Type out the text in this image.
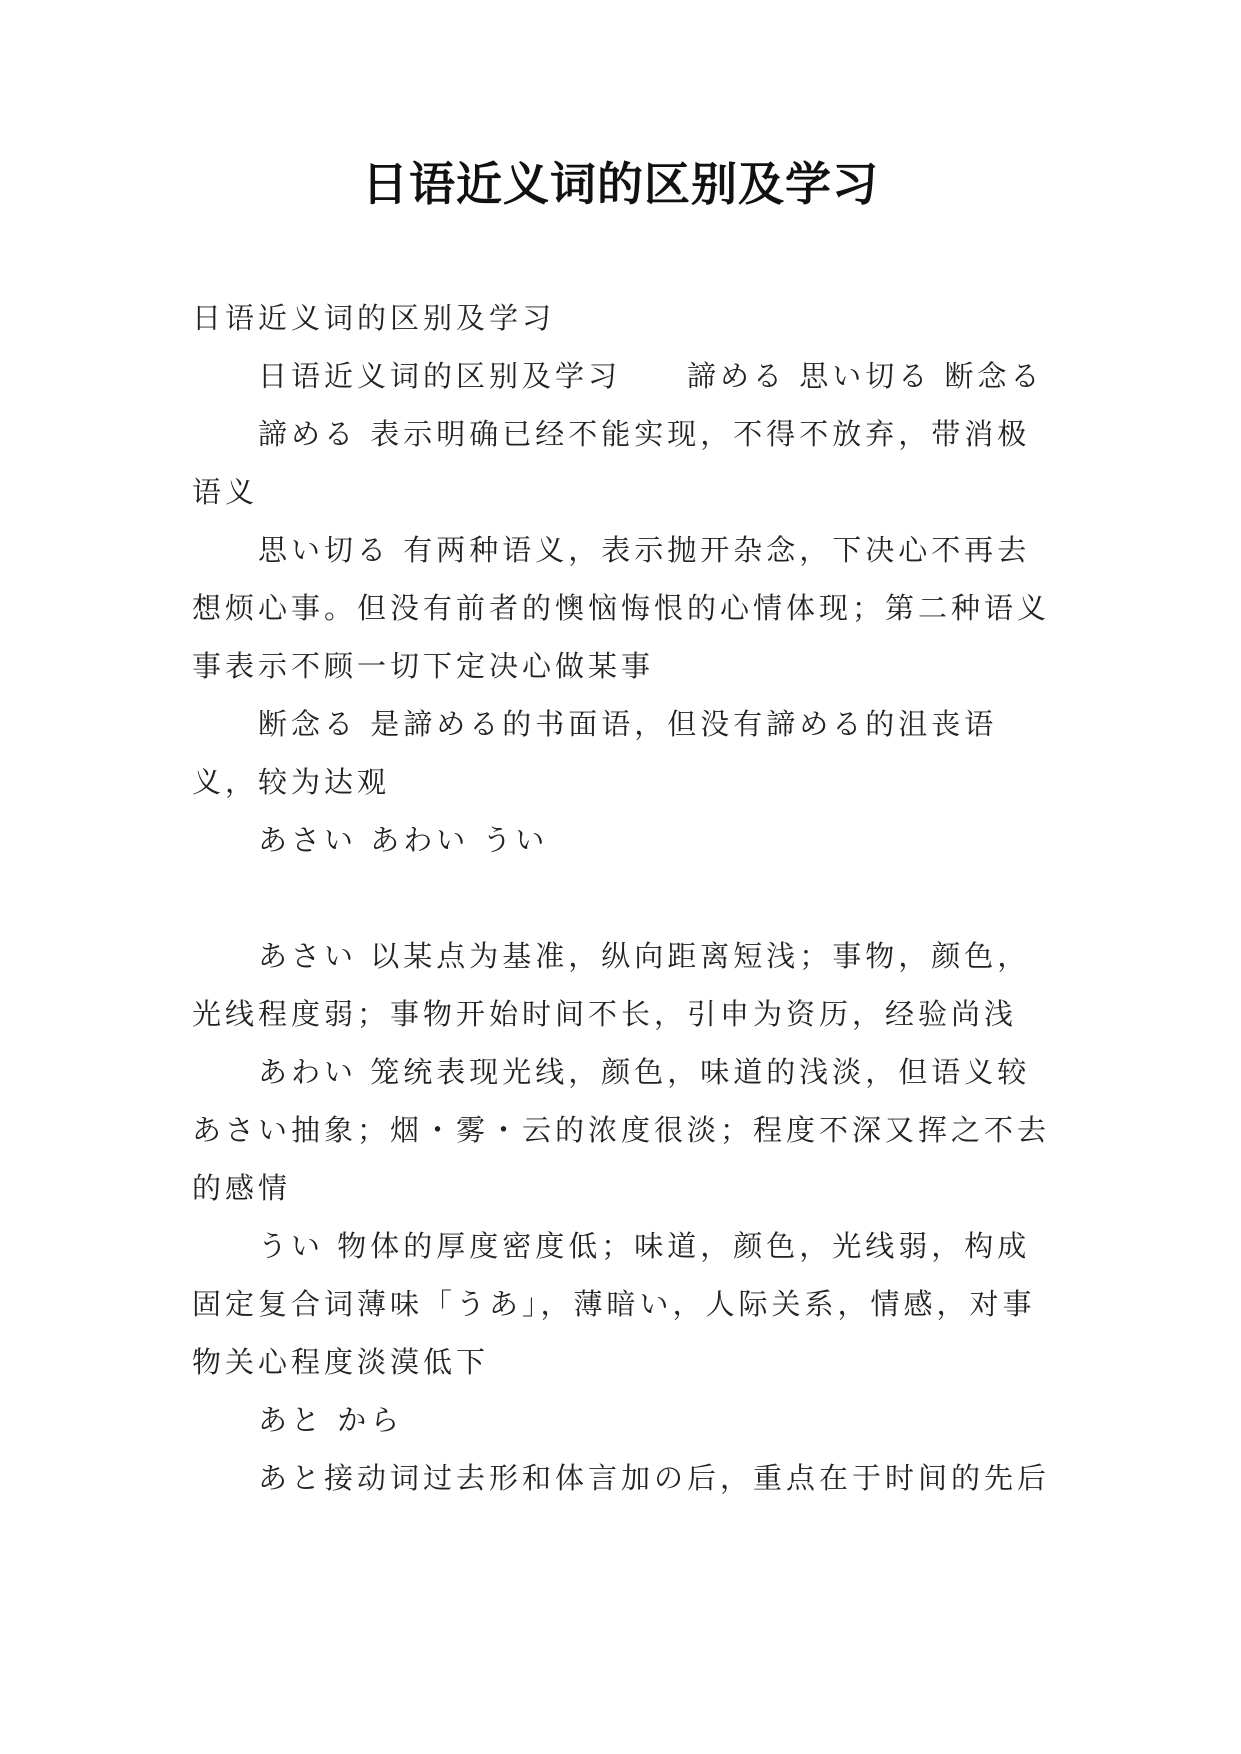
日语近义词的区别及学习

日语近义词的区别及学习

日语近义词的区别及学习　　諦める 思い切る 断念る

諦める 表示明确已经不能实现，不得不放弃，带消极语义

思い切る 有两种语义，表示抛开杂念，下决心不再去想烦心事。但没有前者的懊恼悔恨的心情体现；第二种语义事表示不顾一切下定决心做某事

断念る 是諦める的书面语，但没有諦める的沮丧语义，较为达观

あさい あわい うい

あさい 以某点为基准，纵向距离短浅；事物，颜色，光线程度弱；事物开始时间不长，引申为资历，经验尚浅

あわい 笼统表现光线，颜色，味道的浅淡，但语义较あさい抽象；烟・雾・云的浓度很淡；程度不深又挥之不去的感情

うい 物体的厚度密度低；味道，颜色，光线弱，构成固定复合词薄味「うあ」，薄暗い，人际关系，情感，对事物关心程度淡漠低下

あと から

あと接动词过去形和体言加の后，重点在于时间的先后
